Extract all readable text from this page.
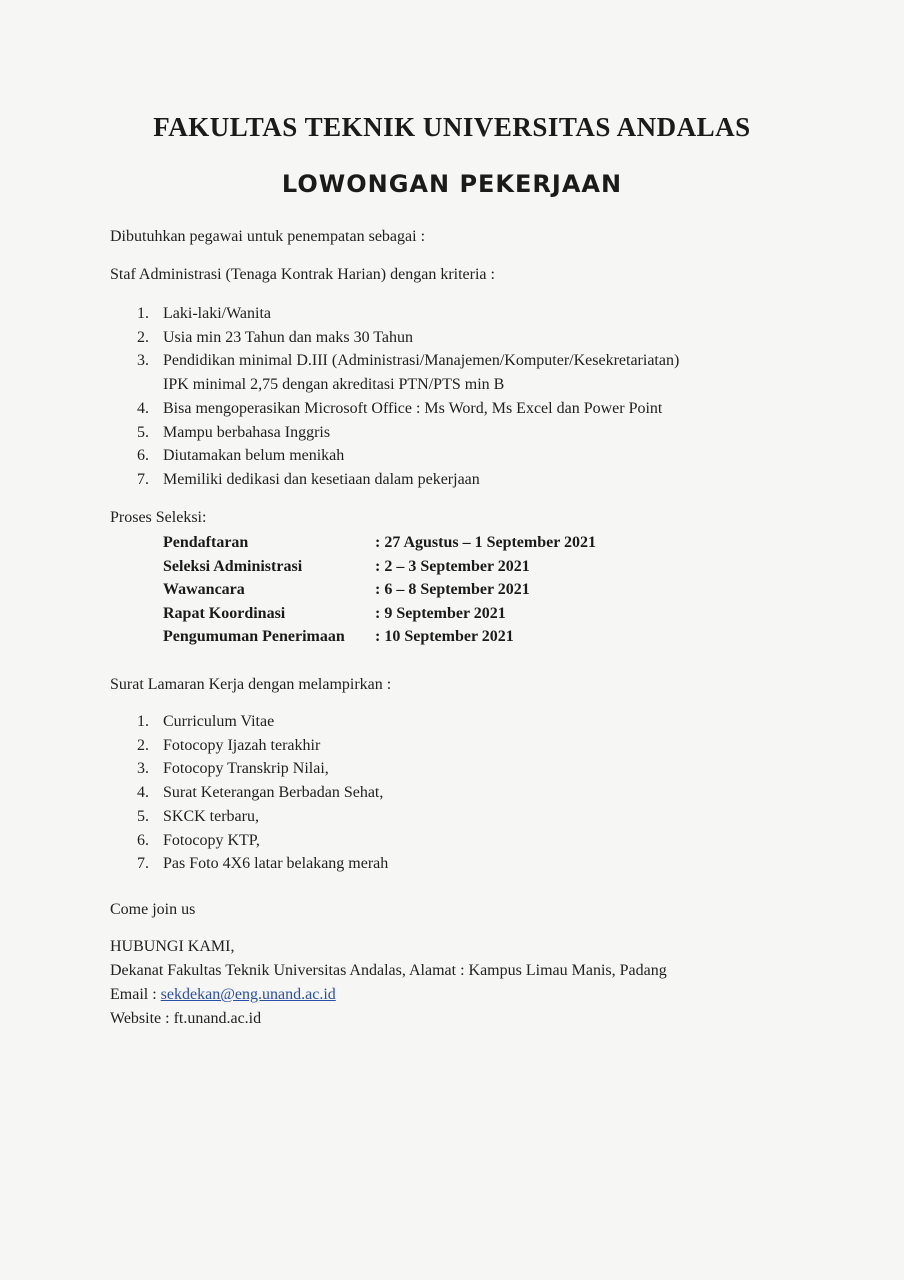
FAKULTAS TEKNIK UNIVERSITAS ANDALAS
LOWONGAN PEKERJAAN
Dibutuhkan pegawai untuk penempatan sebagai :
Staf Administrasi (Tenaga Kontrak Harian) dengan kriteria :
1. Laki-laki/Wanita
2. Usia min 23 Tahun dan maks 30 Tahun
3. Pendidikan minimal D.III (Administrasi/Manajemen/Komputer/Kesekretariatan)
IPK minimal 2,75 dengan akreditasi PTN/PTS min B
4. Bisa mengoperasikan Microsoft Office : Ms Word, Ms Excel dan Power Point
5. Mampu berbahasa Inggris
6. Diutamakan belum menikah
7. Memiliki dedikasi dan kesetiaan dalam pekerjaan
Proses Seleksi:
Pendaftaran	: 27 Agustus – 1 September 2021
Seleksi Administrasi	: 2 – 3 September 2021
Wawancara	: 6 – 8 September 2021
Rapat Koordinasi	: 9 September 2021
Pengumuman Penerimaan : 10 September 2021
Surat Lamaran Kerja dengan melampirkan :
1. Curriculum Vitae
2. Fotocopy Ijazah terakhir
3. Fotocopy Transkrip Nilai,
4. Surat Keterangan Berbadan Sehat,
5. SKCK terbaru,
6. Fotocopy KTP,
7. Pas Foto 4X6 latar belakang merah
Come join us
HUBUNGI KAMI,
Dekanat Fakultas Teknik Universitas Andalas, Alamat : Kampus Limau Manis, Padang
Email : sekdekan@eng.unand.ac.id
Website : ft.unand.ac.id
